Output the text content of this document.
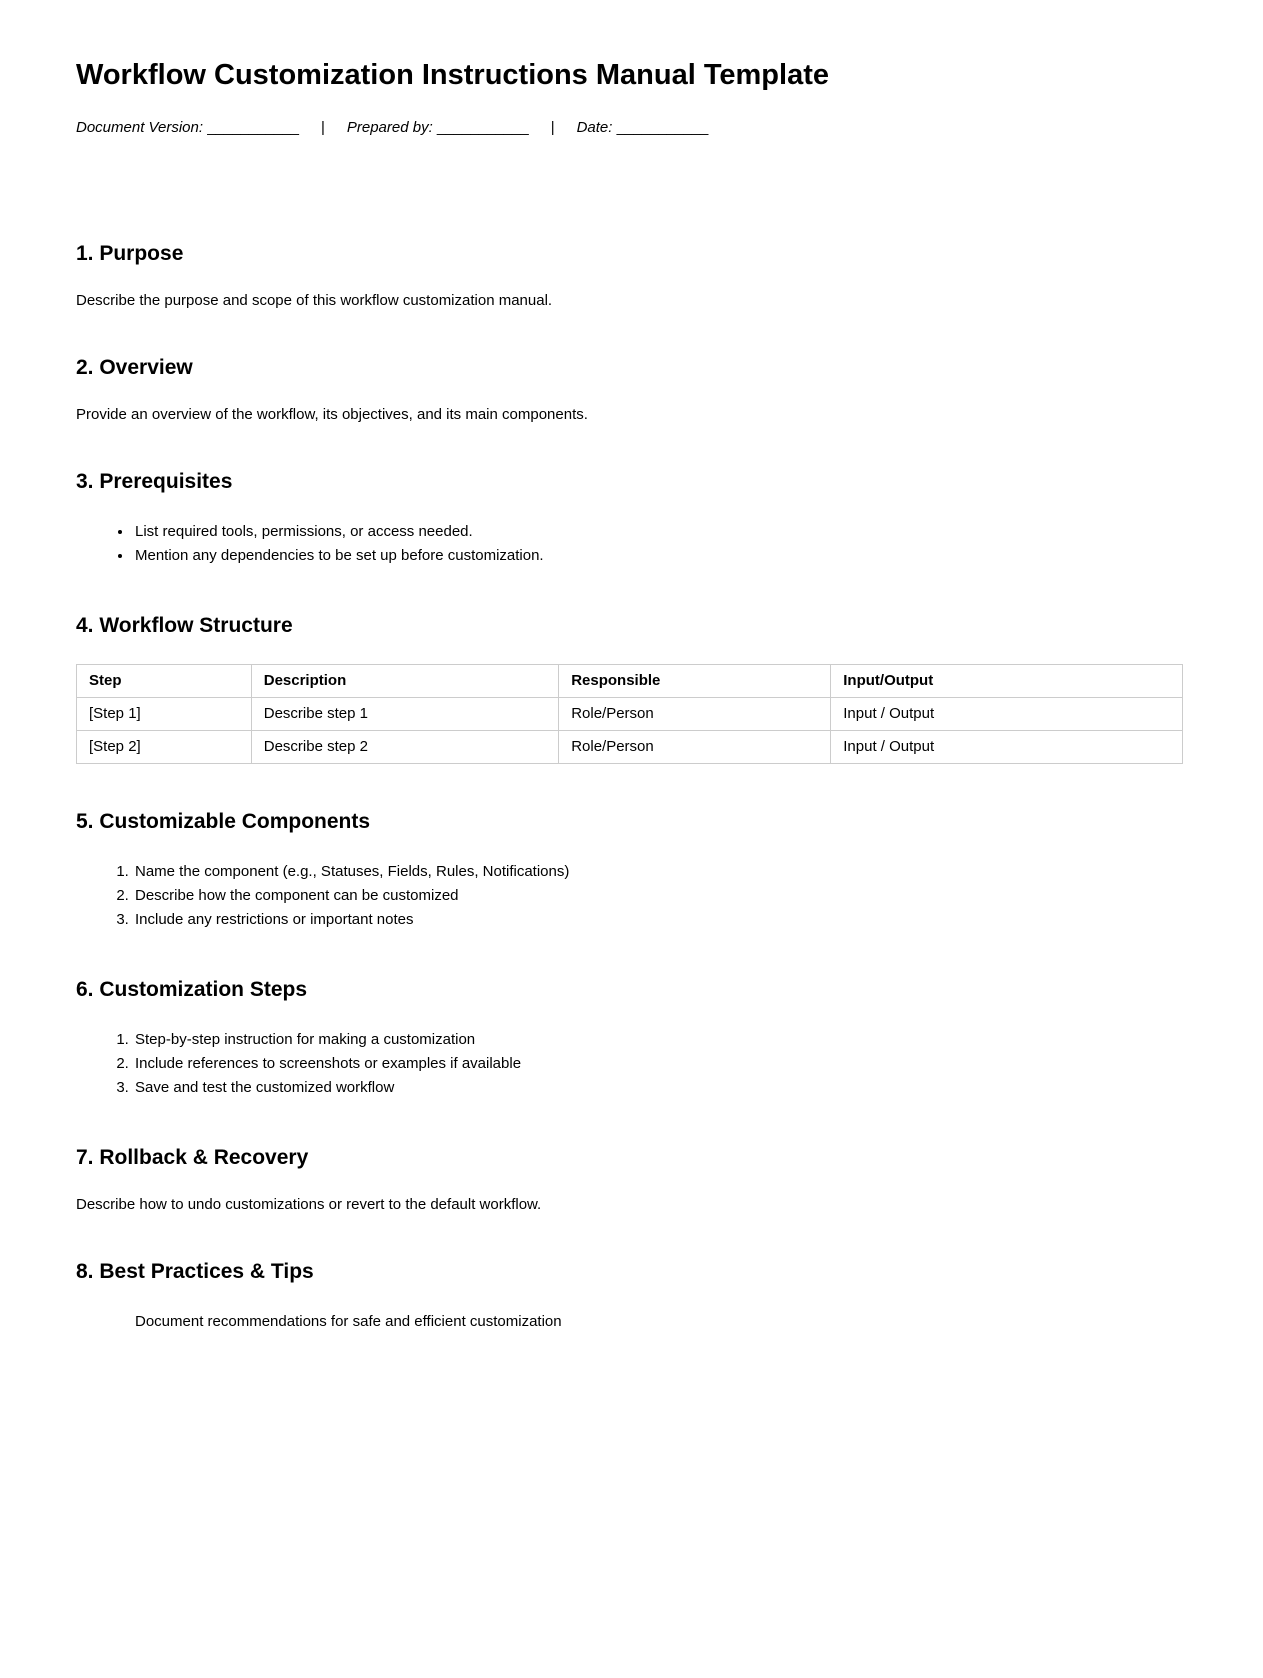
Workflow Customization Instructions Manual Template

Document Version: ___________ | Prepared by: ___________ | Date: ___________

1. Purpose

Describe the purpose and scope of this workflow customization manual.

2. Overview

Provide an overview of the workflow, its objectives, and its main components.

3. Prerequisites
• List required tools, permissions, or access needed.
• Mention any dependencies to be set up before customization.
4. Workflow Structure
Step	Description	Responsible	Input/Output
[Step 1]	Describe step 1	Role/Person	Input / Output
[Step 2]	Describe step 2	Role/Person	Input / Output
5. Customizable Components
1. Name the component (e.g., Statuses, Fields, Rules, Notifications)
2. Describe how the component can be customized
3. Include any restrictions or important notes
6. Customization Steps
1. Step-by-step instruction for making a customization
2. Include references to screenshots or examples if available
3. Save and test the customized workflow
7. Rollback & Recovery

Describe how to undo customizations or revert to the default workflow.

8. Best Practices & Tips
Document recommendations for safe and efficient customization
